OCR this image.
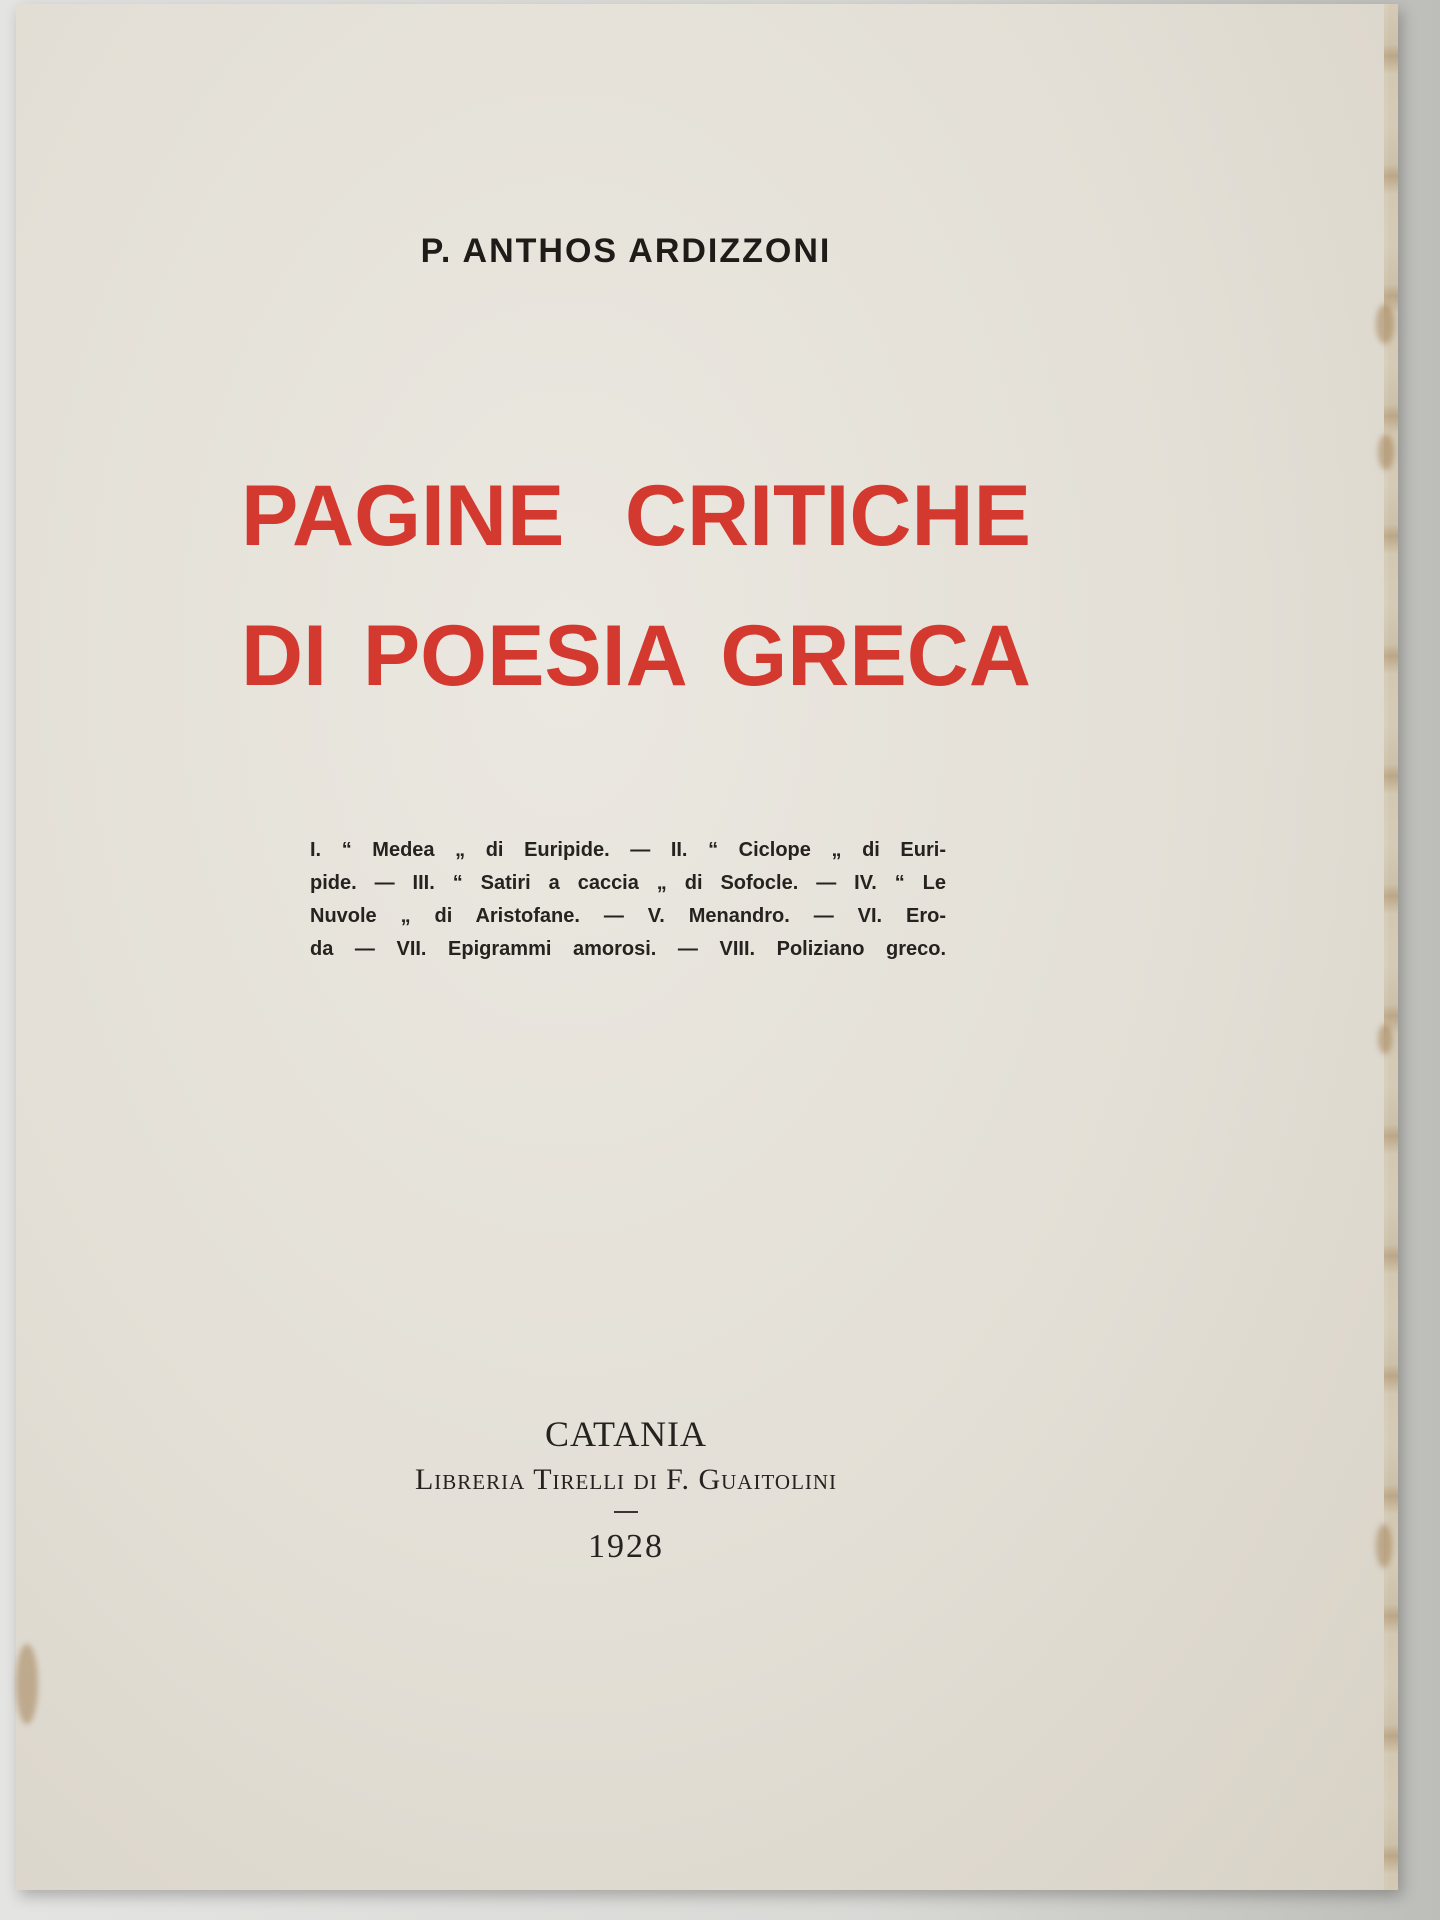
P. ANTHOS ARDIZZONI
PAGINE CRITICHE
DI POESIA GRECA
I. “ Medea „ di Euripide. — II. “ Ciclope „ di Euri-
pide. — III. “ Satiri a caccia „ di Sofocle. — IV. “ Le
Nuvole „ di Aristofane. — V. Menandro. — VI. Ero-
da — VII. Epigrammi amorosi. — VIII. Poliziano greco.
CATANIA
Libreria Tirelli di F. Guaitolini
1928
